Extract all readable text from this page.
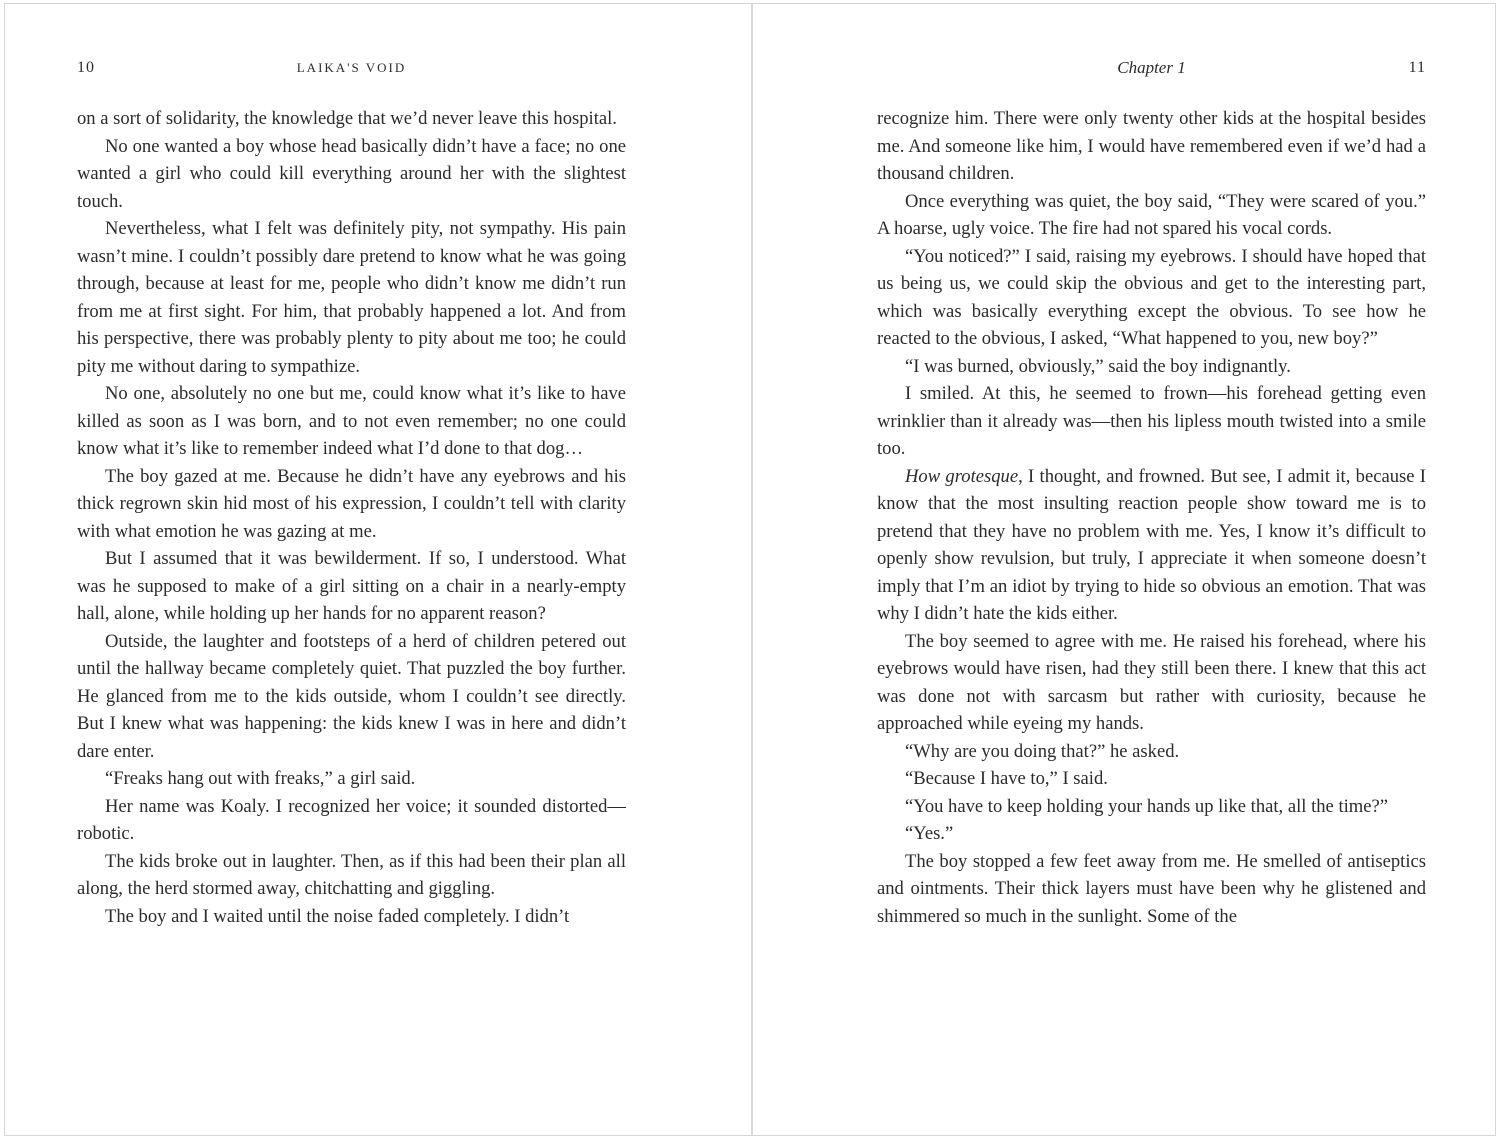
10	LAIKA'S VOID

on a sort of solidarity, the knowledge that we’d never leave this hospital.

No one wanted a boy whose head basically didn’t have a face; no one wanted a girl who could kill everything around her with the slightest touch.

Nevertheless, what I felt was definitely pity, not sympathy. His pain wasn’t mine. I couldn’t possibly dare pretend to know what he was going through, because at least for me, people who didn’t know me didn’t run from me at first sight. For him, that probably happened a lot. And from his perspective, there was probably plenty to pity about me too; he could pity me without daring to sympathize.

No one, absolutely no one but me, could know what it’s like to have killed as soon as I was born, and to not even remember; no one could know what it’s like to remember indeed what I’d done to that dog…

The boy gazed at me. Because he didn’t have any eyebrows and his thick regrown skin hid most of his expression, I couldn’t tell with clarity with what emotion he was gazing at me.

But I assumed that it was bewilderment. If so, I understood. What was he supposed to make of a girl sitting on a chair in a nearly-empty hall, alone, while holding up her hands for no apparent reason?

Outside, the laughter and footsteps of a herd of children petered out until the hallway became completely quiet. That puzzled the boy further. He glanced from me to the kids outside, whom I couldn’t see directly. But I knew what was happening: the kids knew I was in here and didn’t dare enter.

“Freaks hang out with freaks,” a girl said.

Her name was Koaly. I recognized her voice; it sounded distorted—robotic.

The kids broke out in laughter. Then, as if this had been their plan all along, the herd stormed away, chitchatting and giggling.

The boy and I waited until the noise faded completely. I didn’t

Chapter 1	11

recognize him. There were only twenty other kids at the hospital besides me. And someone like him, I would have remembered even if we’d had a thousand children.

Once everything was quiet, the boy said, “They were scared of you.” A hoarse, ugly voice. The fire had not spared his vocal cords.

“You noticed?” I said, raising my eyebrows. I should have hoped that us being us, we could skip the obvious and get to the interesting part, which was basically everything except the obvious. To see how he reacted to the obvious, I asked, “What happened to you, new boy?”

“I was burned, obviously,” said the boy indignantly.

I smiled. At this, he seemed to frown—his forehead getting even wrinklier than it already was—then his lipless mouth twisted into a smile too.

How grotesque, I thought, and frowned. But see, I admit it, because I know that the most insulting reaction people show toward me is to pretend that they have no problem with me. Yes, I know it’s difficult to openly show revulsion, but truly, I appreciate it when someone doesn’t imply that I’m an idiot by trying to hide so obvious an emotion. That was why I didn’t hate the kids either.

The boy seemed to agree with me. He raised his forehead, where his eyebrows would have risen, had they still been there. I knew that this act was done not with sarcasm but rather with curiosity, because he approached while eyeing my hands.

“Why are you doing that?” he asked.

“Because I have to,” I said.

“You have to keep holding your hands up like that, all the time?”

“Yes.”

The boy stopped a few feet away from me. He smelled of antiseptics and ointments. Their thick layers must have been why he glistened and shimmered so much in the sunlight. Some of the
